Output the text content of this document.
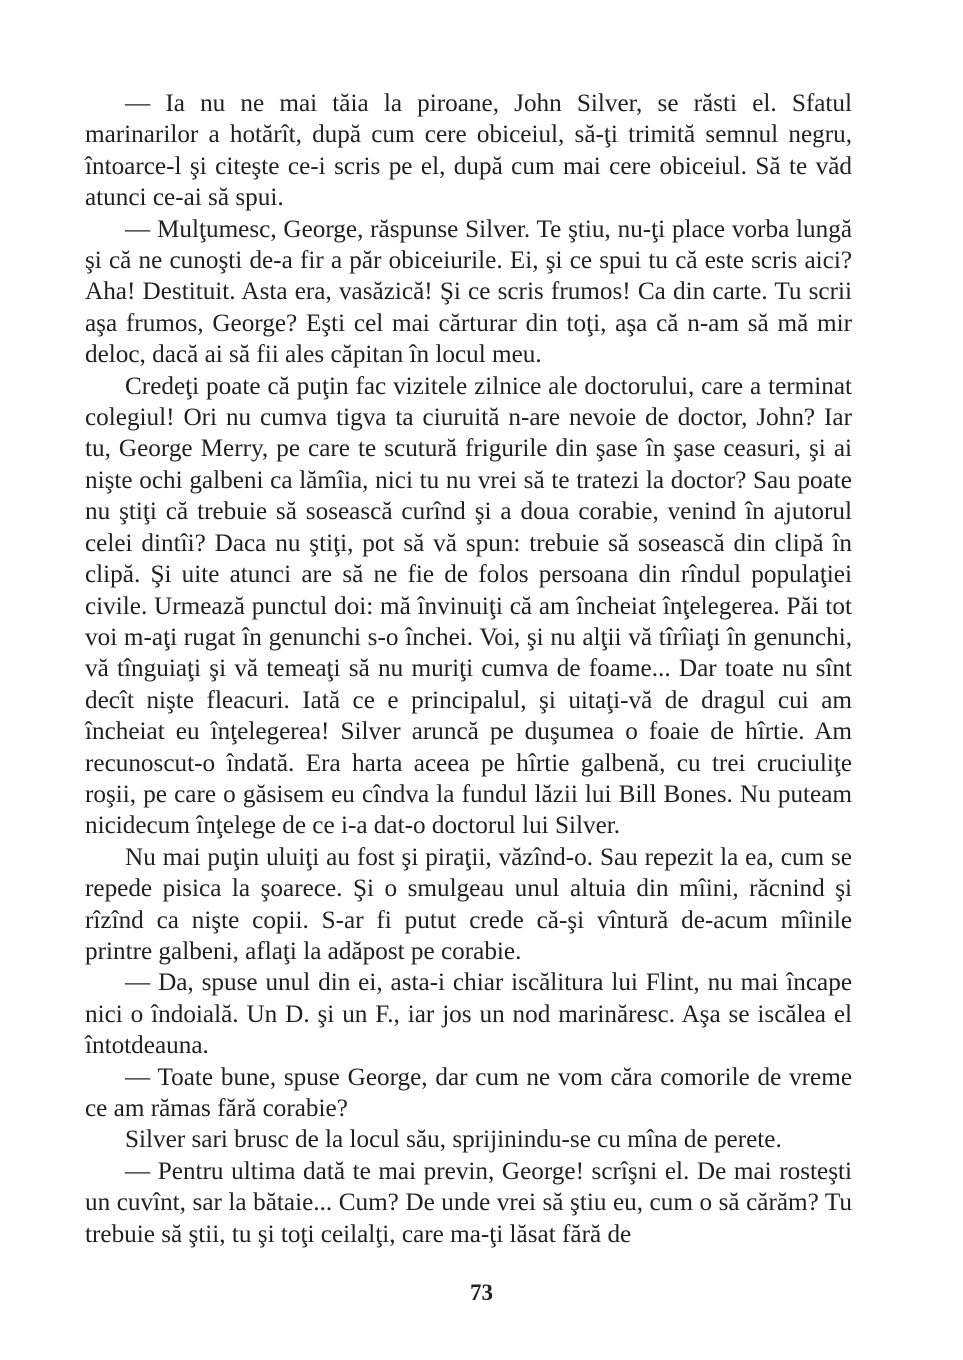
— Ia nu ne mai tăia la piroane, John Silver, se răsti el. Sfatul marinarilor a hotărît, după cum cere obiceiul, să-ţi trimită semnul negru, întoarce-l şi citeşte ce-i scris pe el, după cum mai cere obiceiul. Să te văd atunci ce-ai să spui.

— Mulţumesc, George, răspunse Silver. Te ştiu, nu-ţi place vorba lungă şi că ne cunoşti de-a fir a păr obiceiurile. Ei, şi ce spui tu că este scris aici? Aha! Destituit. Asta era, vasăzică! Şi ce scris frumos! Ca din carte. Tu scrii aşa frumos, George? Eşti cel mai cărturar din toţi, aşa că n-am să mă mir deloc, dacă ai să fii ales căpitan în locul meu.

Credeţi poate că puţin fac vizitele zilnice ale doctorului, care a terminat colegiul! Ori nu cumva tigva ta ciuruită n-are nevoie de doctor, John? Iar tu, George Merry, pe care te scutură frigurile din şase în şase ceasuri, şi ai nişte ochi galbeni ca lămîia, nici tu nu vrei să te tratezi la doctor? Sau poate nu ştiţi că trebuie să sosească curînd şi a doua corabie, venind în ajutorul celei dintîi? Daca nu ştiţi, pot să vă spun: trebuie să sosească din clipă în clipă. Şi uite atunci are să ne fie de folos persoana din rîndul populaţiei civile. Urmează punctul doi: mă învinuiţi că am încheiat înţelegerea. Păi tot voi m-aţi rugat în genunchi s-o închei. Voi, şi nu alţii vă tîrîiaţi în genunchi, vă tînguiaţi şi vă temeaţi să nu muriţi cumva de foame... Dar toate nu sînt decît nişte fleacuri. Iată ce e principalul, şi uitaţi-vă de dragul cui am încheiat eu înţelegerea! Silver aruncă pe duşumea o foaie de hîrtie. Am recunoscut-o îndată. Era harta aceea pe hîrtie galbenă, cu trei cruciuliţe roşii, pe care o găsisem eu cîndva la fundul lăzii lui Bill Bones. Nu puteam nicidecum înţelege de ce i-a dat-o doctorul lui Silver.

Nu mai puţin uluiţi au fost şi piraţii, văzînd-o. Sau repezit la ea, cum se repede pisica la şoarece. Şi o smulgeau unul altuia din mîini, răcnind şi rîzînd ca nişte copii. S-ar fi putut crede că-şi vîntură de-acum mîinile printre galbeni, aflaţi la adăpost pe corabie.

— Da, spuse unul din ei, asta-i chiar iscălitura lui Flint, nu mai încape nici o îndoială. Un D. şi un F., iar jos un nod marinăresc. Aşa se iscălea el întotdeauna.

— Toate bune, spuse George, dar cum ne vom căra comorile de vreme ce am rămas fără corabie?

Silver sari brusc de la locul său, sprijinindu-se cu mîna de perete.

— Pentru ultima dată te mai previn, George! scrîşni el. De mai rosteşti un cuvînt, sar la bătaie... Cum? De unde vrei să ştiu eu, cum o să cărăm? Tu trebuie să ştii, tu şi toţi ceilalţi, care ma-ţi lăsat fără de

73
